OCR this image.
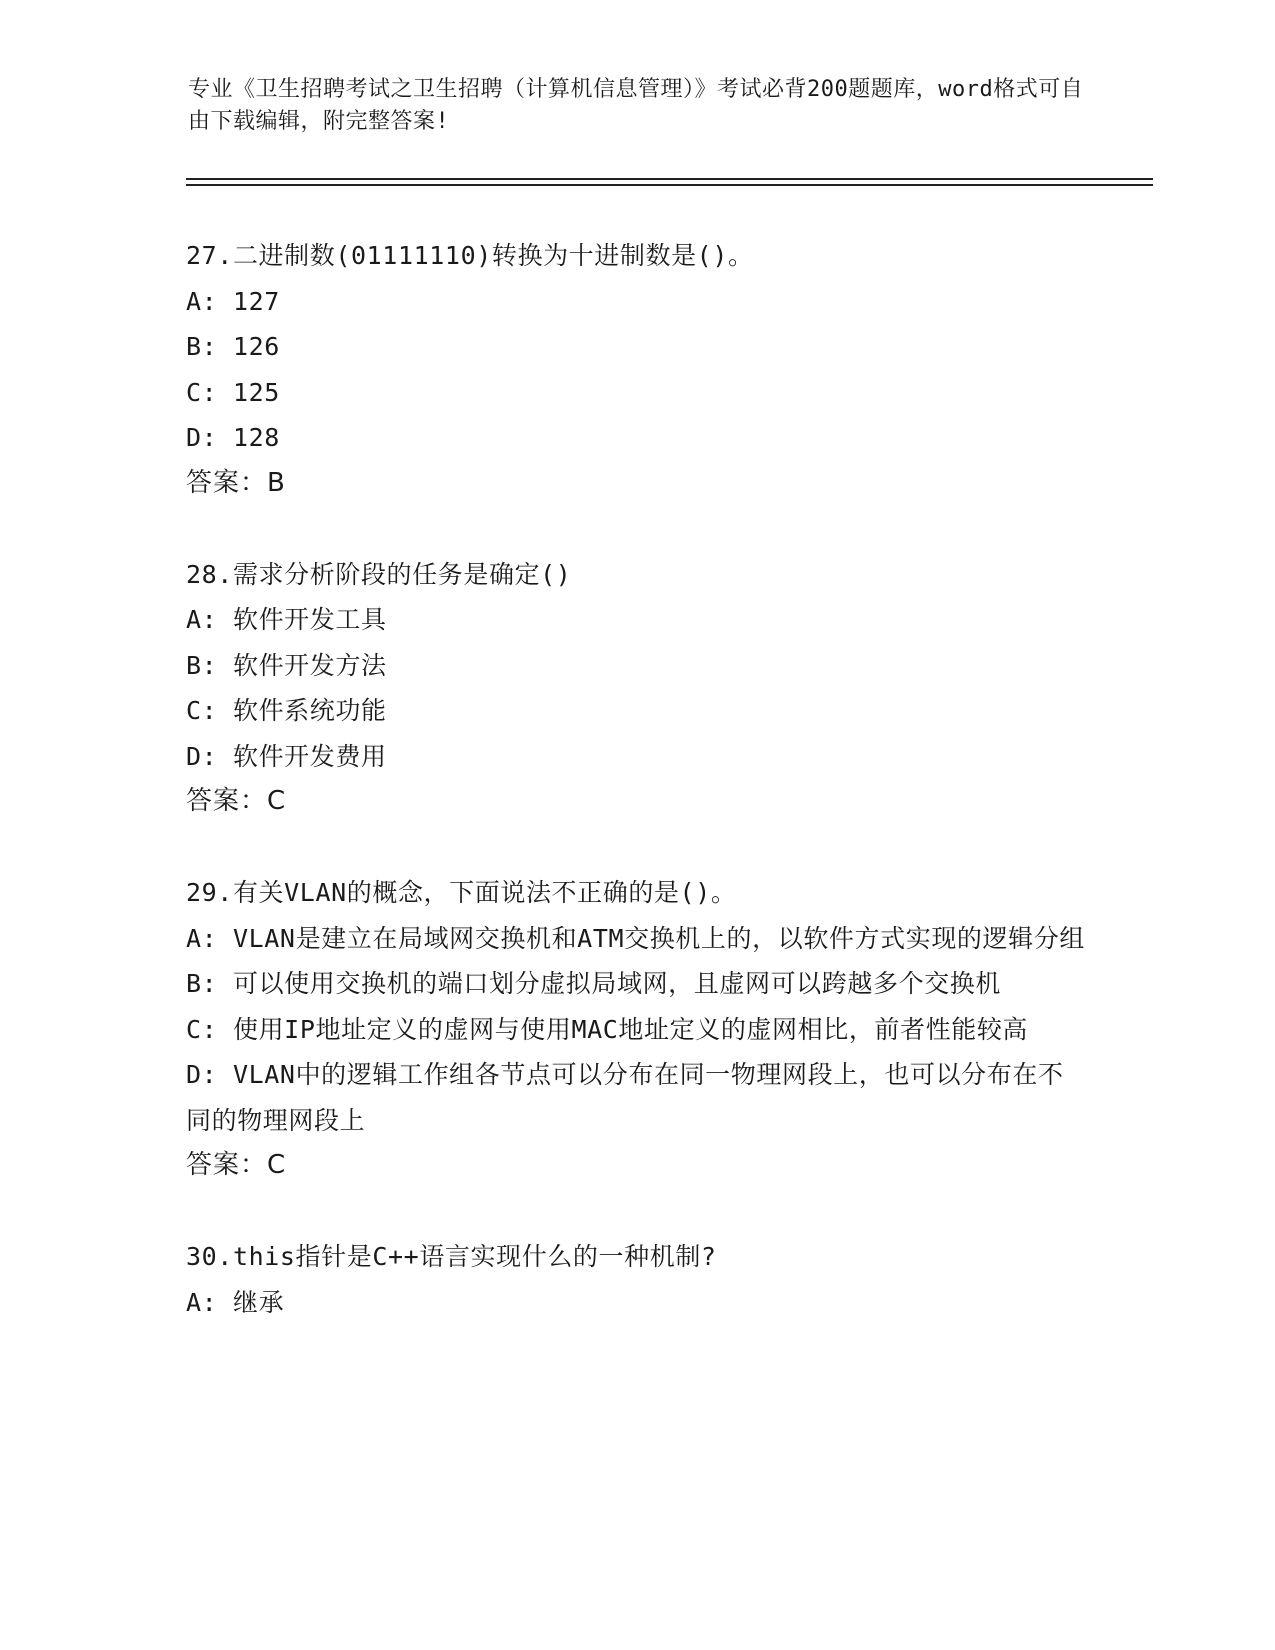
专业《卫生招聘考试之卫生招聘（计算机信息管理）》考试必背200题题库，word格式可自由下载编辑，附完整答案!
27.二进制数(01111110)转换为十进制数是()。
A: 127
B: 126
C: 125
D: 128
答案：B
28.需求分析阶段的任务是确定()
A: 软件开发工具
B: 软件开发方法
C: 软件系统功能
D: 软件开发费用
答案：C
29.有关VLAN的概念，下面说法不正确的是()。
A: VLAN是建立在局域网交换机和ATM交换机上的，以软件方式实现的逻辑分组
B: 可以使用交换机的端口划分虚拟局域网，且虚网可以跨越多个交换机
C: 使用IP地址定义的虚网与使用MAC地址定义的虚网相比，前者性能较高
D: VLAN中的逻辑工作组各节点可以分布在同一物理网段上，也可以分布在不同的物理网段上
答案：C
30.this指针是C++语言实现什么的一种机制?
A: 继承
